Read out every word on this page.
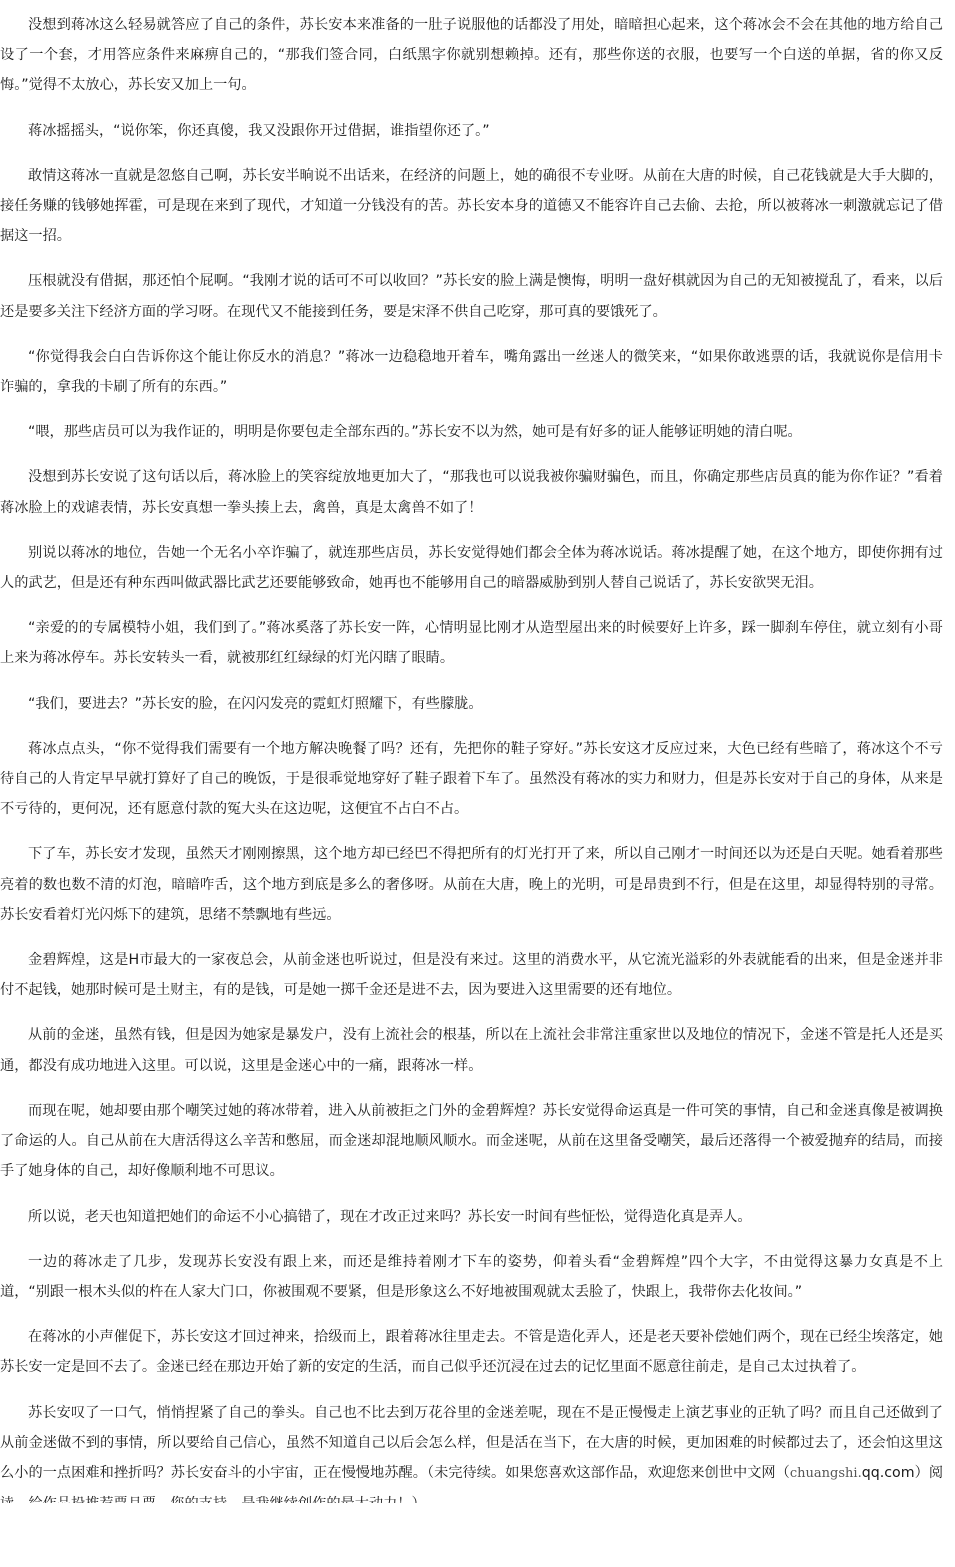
没想到蒋冰这么轻易就答应了自己的条件，苏长安本来准备的一肚子说服他的话都没了用处，暗暗担心起来，这个蒋冰会不会在其他的地方给自己设了一个套，才用答应条件来麻痹自己的，“那我们签合同，白纸黑字你就别想赖掉。还有，那些你送的衣服，也要写一个白送的单据，省的你又反悔。”觉得不太放心，苏长安又加上一句。

蒋冰摇摇头，“说你笨，你还真傻，我又没跟你开过借据，谁指望你还了。”

敢情这蒋冰一直就是忽悠自己啊，苏长安半晌说不出话来，在经济的问题上，她的确很不专业呀。从前在大唐的时候，自己花钱就是大手大脚的，接任务赚的钱够她挥霍，可是现在来到了现代，才知道一分钱没有的苦。苏长安本身的道德又不能容许自己去偷、去抢，所以被蒋冰一刺激就忘记了借据这一招。

压根就没有借据，那还怕个屁啊。“我刚才说的话可不可以收回？”苏长安的脸上满是懊悔，明明一盘好棋就因为自己的无知被搅乱了，看来，以后还是要多关注下经济方面的学习呀。在现代又不能接到任务，要是宋泽不供自己吃穿，那可真的要饿死了。

“你觉得我会白白告诉你这个能让你反水的消息？”蒋冰一边稳稳地开着车，嘴角露出一丝迷人的微笑来，“如果你敢逃票的话，我就说你是信用卡诈骗的，拿我的卡刷了所有的东西。”

“喂，那些店员可以为我作证的，明明是你要包走全部东西的。”苏长安不以为然，她可是有好多的证人能够证明她的清白呢。

没想到苏长安说了这句话以后，蒋冰脸上的笑容绽放地更加大了，“那我也可以说我被你骗财骗色，而且，你确定那些店员真的能为你作证？”看着蒋冰脸上的戏谑表情，苏长安真想一拳头揍上去，禽兽，真是太禽兽不如了！

别说以蒋冰的地位，告她一个无名小卒诈骗了，就连那些店员，苏长安觉得她们都会全体为蒋冰说话。蒋冰提醒了她，在这个地方，即使你拥有过人的武艺，但是还有种东西叫做武器比武艺还要能够致命，她再也不能够用自己的暗器威胁到别人替自己说话了，苏长安欲哭无泪。

“亲爱的的专属模特小姐，我们到了。”蒋冰奚落了苏长安一阵，心情明显比刚才从造型屋出来的时候要好上许多，踩一脚刹车停住，就立刻有小哥上来为蒋冰停车。苏长安转头一看，就被那红红绿绿的灯光闪瞎了眼睛。

“我们，要进去？”苏长安的脸，在闪闪发亮的霓虹灯照耀下，有些朦胧。

蒋冰点点头，“你不觉得我们需要有一个地方解决晚餐了吗？还有，先把你的鞋子穿好。”苏长安这才反应过来，大色已经有些暗了，蒋冰这个不亏待自己的人肯定早早就打算好了自己的晚饭，于是很乖觉地穿好了鞋子跟着下车了。虽然没有蒋冰的实力和财力，但是苏长安对于自己的身体，从来是不亏待的，更何况，还有愿意付款的冤大头在这边呢，这便宜不占白不占。

下了车，苏长安才发现，虽然天才刚刚擦黑，这个地方却已经巴不得把所有的灯光打开了来，所以自己刚才一时间还以为还是白天呢。她看着那些亮着的数也数不清的灯泡，暗暗咋舌，这个地方到底是多么的奢侈呀。从前在大唐，晚上的光明，可是昂贵到不行，但是在这里，却显得特别的寻常。苏长安看着灯光闪烁下的建筑，思绪不禁飘地有些远。

金碧辉煌，这是H市最大的一家夜总会，从前金迷也听说过，但是没有来过。这里的消费水平，从它流光溢彩的外表就能看的出来，但是金迷并非付不起钱，她那时候可是土财主，有的是钱，可是她一掷千金还是进不去，因为要进入这里需要的还有地位。

从前的金迷，虽然有钱，但是因为她家是暴发户，没有上流社会的根基，所以在上流社会非常注重家世以及地位的情况下，金迷不管是托人还是买通，都没有成功地进入这里。可以说，这里是金迷心中的一痛，跟蒋冰一样。

而现在呢，她却要由那个嘲笑过她的蒋冰带着，进入从前被拒之门外的金碧辉煌？苏长安觉得命运真是一件可笑的事情，自己和金迷真像是被调换了命运的人。自己从前在大唐活得这么辛苦和憋屈，而金迷却混地顺风顺水。而金迷呢，从前在这里备受嘲笑，最后还落得一个被爱抛弃的结局，而接手了她身体的自己，却好像顺利地不可思议。

所以说，老天也知道把她们的命运不小心搞错了，现在才改正过来吗？苏长安一时间有些怔忪，觉得造化真是弄人。

一边的蒋冰走了几步，发现苏长安没有跟上来，而还是维持着刚才下车的姿势，仰着头看“金碧辉煌”四个大字，不由觉得这暴力女真是不上道，“别跟一根木头似的杵在人家大门口，你被围观不要紧，但是形象这么不好地被围观就太丢脸了，快跟上，我带你去化妆间。”

在蒋冰的小声催促下，苏长安这才回过神来，拾级而上，跟着蒋冰往里走去。不管是造化弄人，还是老天要补偿她们两个，现在已经尘埃落定，她苏长安一定是回不去了。金迷已经在那边开始了新的安定的生活，而自己似乎还沉浸在过去的记忆里面不愿意往前走，是自己太过执着了。

苏长安叹了一口气，悄悄捏紧了自己的拳头。自己也不比去到万花谷里的金迷差呢，现在不是正慢慢走上演艺事业的正轨了吗？而且自己还做到了从前金迷做不到的事情，所以要给自己信心，虽然不知道自己以后会怎么样，但是活在当下，在大唐的时候，更加困难的时候都过去了，还会怕这里这么小的一点困难和挫折吗？苏长安奋斗的小宇宙，正在慢慢地苏醒。（未完待续。如果您喜欢这部作品，欢迎您来创世中文网（chuangshi.qq.com）阅
